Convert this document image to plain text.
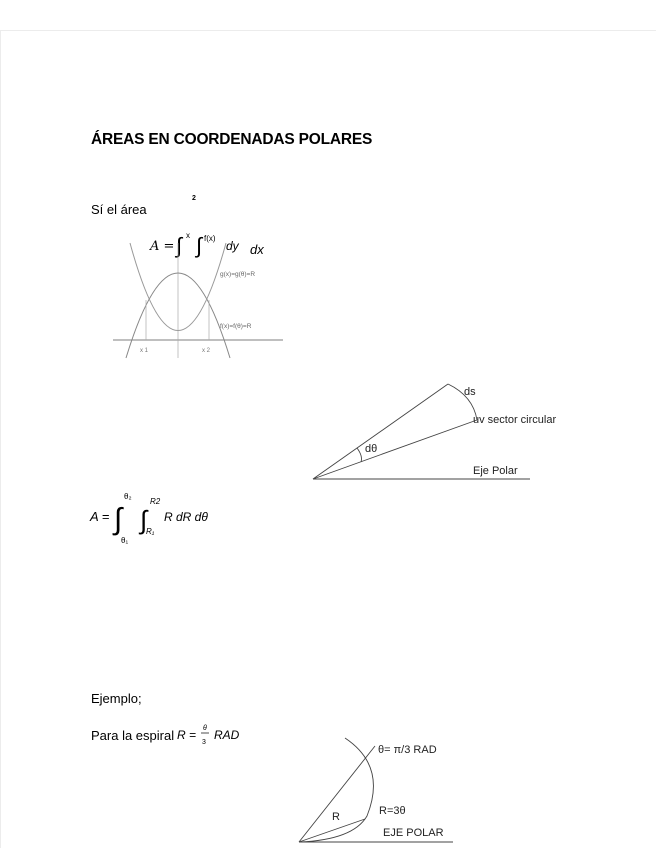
ÁREAS EN COORDENADAS POLARES
Sí el área
2
A = ∫ x ∫ f(x)
dy dx
x 1	x 2
g(x)=g(θ)=R
f(x)=f(θ)=R
ds
uv sector circular
dθ
Eje Polar
A = ∫
θ₂
θ₁
∫
R2
R₁
R dR dθ
Ejemplo;
Para la espiral R = θ
3
RAD
θ= π/3 RAD
R=3θ
R
EJE POLAR
